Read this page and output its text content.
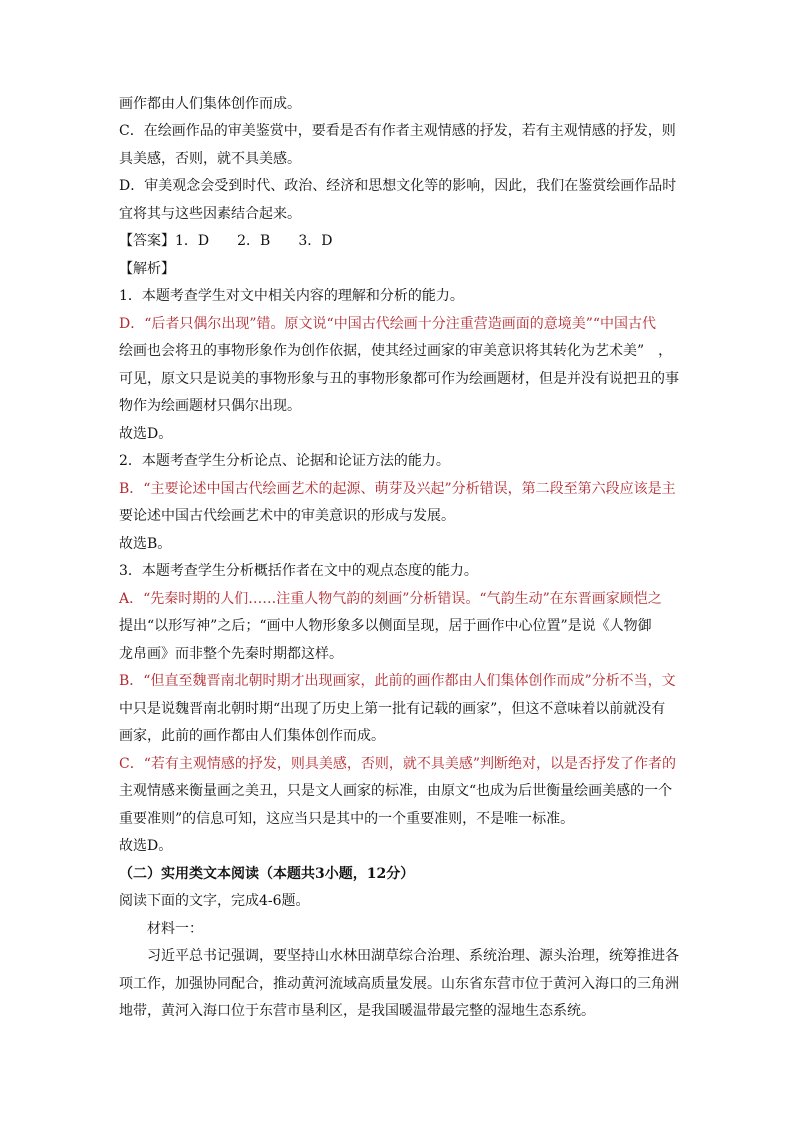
画作都由人们集体创作而成。
C．在绘画作品的审美鉴赏中，要看是否有作者主观情感的抒发，若有主观情感的抒发，则
具美感，否则，就不具美感。
D．审美观念会受到时代、政治、经济和思想文化等的影响，因此，我们在鉴赏绘画作品时
宜将其与这些因素结合起来。
【答案】1．D　　2．B　　3．D
【解析】
1．本题考查学生对文中相关内容的理解和分析的能力。
D．“后者只偶尔出现”错。原文说“中国古代绘画十分注重营造画面的意境美”“中国古代
绘画也会将丑的事物形象作为创作依据，使其经过画家的审美意识将其转化为艺术美”　，
可见，原文只是说美的事物形象与丑的事物形象都可作为绘画题材，但是并没有说把丑的事
物作为绘画题材只偶尔出现。
故选D。
2．本题考查学生分析论点、论据和论证方法的能力。
B．“主要论述中国古代绘画艺术的起源、萌芽及兴起”分析错误，第二段至第六段应该是主
要论述中国古代绘画艺术中的审美意识的形成与发展。
故选B。
3．本题考查学生分析概括作者在文中的观点态度的能力。
A．“先秦时期的人们……注重人物气韵的刻画”分析错误。“气韵生动”在东晋画家顾恺之
提出“以形写神”之后；“画中人物形象多以侧面呈现，居于画作中心位置”是说《人物御
龙帛画》而非整个先秦时期都这样。
B．“但直至魏晋南北朝时期才出现画家，此前的画作都由人们集体创作而成”分析不当，文
中只是说魏晋南北朝时期“出现了历史上第一批有记载的画家”，但这不意味着以前就没有
画家，此前的画作都由人们集体创作而成。
C．“若有主观情感的抒发，则具美感，否则，就不具美感”判断绝对，以是否抒发了作者的
主观情感来衡量画之美丑，只是文人画家的标准，由原文“也成为后世衡量绘画美感的一个
重要准则”的信息可知，这应当只是其中的一个重要准则，不是唯一标准。
故选D。
（二）实用类文本阅读（本题共3小题，12分）
阅读下面的文字，完成4-6题。
材料一：
习近平总书记强调，要坚持山水林田湖草综合治理、系统治理、源头治理，统筹推进各
项工作，加强协同配合，推动黄河流域高质量发展。山东省东营市位于黄河入海口的三角洲
地带，黄河入海口位于东营市垦利区，是我国暖温带最完整的湿地生态系统。
